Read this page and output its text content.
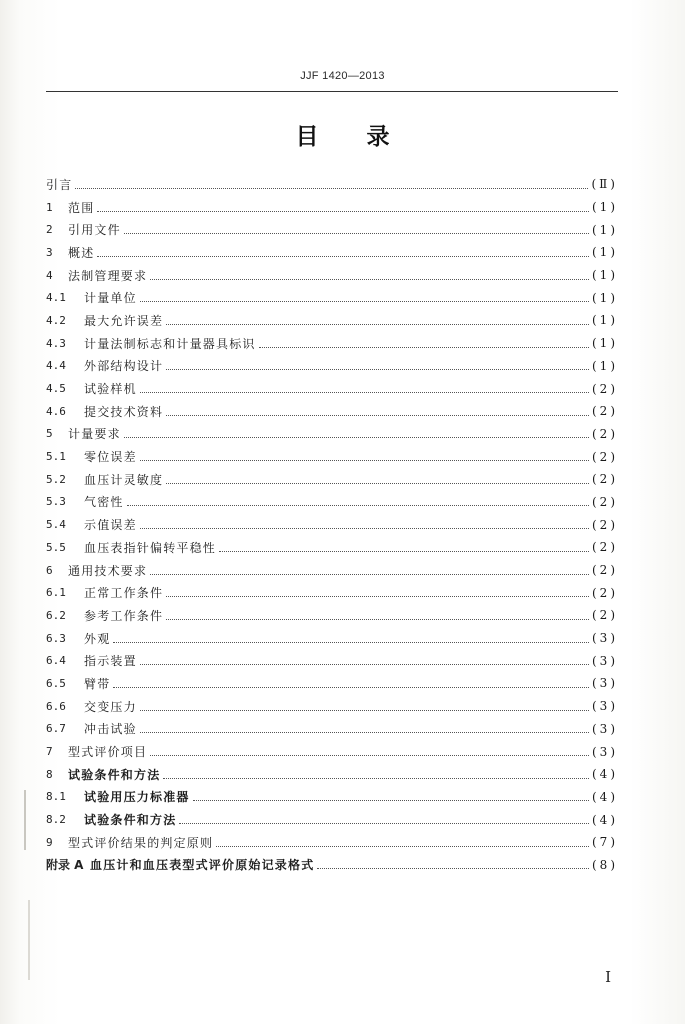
JJF 1420—2013
目 录
引言	(Ⅱ)
1	范围	(1)
2	引用文件	(1)
3	概述	(1)
4	法制管理要求	(1)
4.1	计量单位	(1)
4.2	最大允许误差	(1)
4.3	计量法制标志和计量器具标识	(1)
4.4	外部结构设计	(1)
4.5	试验样机	(2)
4.6	提交技术资料	(2)
5	计量要求	(2)
5.1	零位误差	(2)
5.2	血压计灵敏度	(2)
5.3	气密性	(2)
5.4	示值误差	(2)
5.5	血压表指针偏转平稳性	(2)
6	通用技术要求	(2)
6.1	正常工作条件	(2)
6.2	参考工作条件	(2)
6.3	外观	(3)
6.4	指示装置	(3)
6.5	臂带	(3)
6.6	交变压力	(3)
6.7	冲击试验	(3)
7	型式评价项目	(3)
8	试验条件和方法	(4)
8.1	试验用压力标准器	(4)
8.2	试验条件和方法	(4)
9	型式评价结果的判定原则	(7)
附录 A 血压计和血压表型式评价原始记录格式	(8)
I
